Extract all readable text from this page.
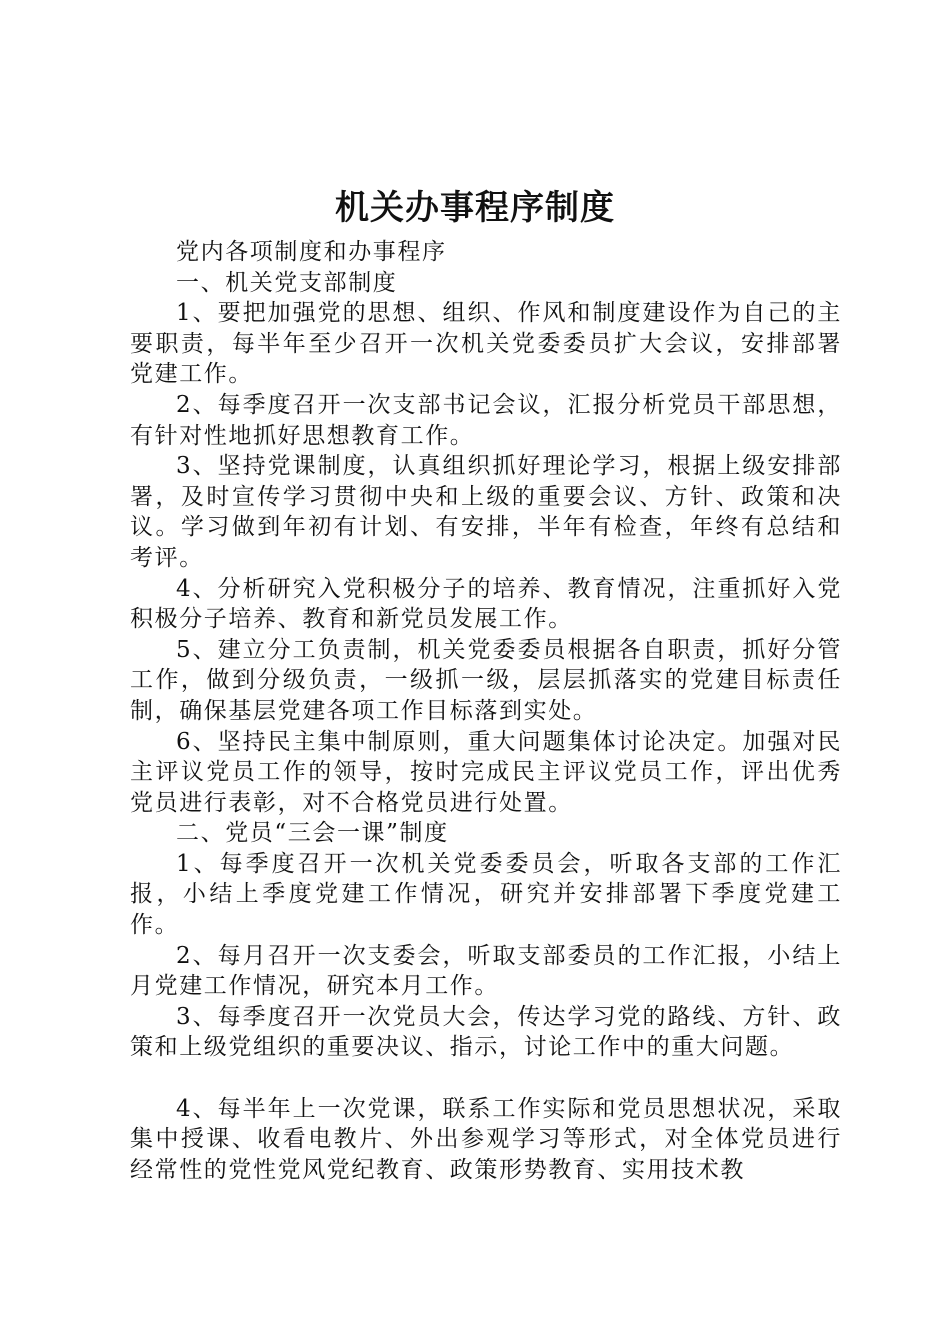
机关办事程序制度

党内各项制度和办事程序

一、机关党支部制度

1、要把加强党的思想、组织、作风和制度建设作为自己的主要职责，每半年至少召开一次机关党委委员扩大会议，安排部署党建工作。

2、每季度召开一次支部书记会议，汇报分析党员干部思想，有针对性地抓好思想教育工作。

3、坚持党课制度，认真组织抓好理论学习，根据上级安排部署，及时宣传学习贯彻中央和上级的重要会议、方针、政策和决议。学习做到年初有计划、有安排，半年有检查，年终有总结和考评。

4、分析研究入党积极分子的培养、教育情况，注重抓好入党积极分子培养、教育和新党员发展工作。

5、建立分工负责制，机关党委委员根据各自职责，抓好分管工作，做到分级负责，一级抓一级，层层抓落实的党建目标责任制，确保基层党建各项工作目标落到实处。

6、坚持民主集中制原则，重大问题集体讨论决定。加强对民主评议党员工作的领导，按时完成民主评议党员工作，评出优秀党员进行表彰，对不合格党员进行处置。

二、党员“三会一课”制度

1、每季度召开一次机关党委委员会，听取各支部的工作汇报，小结上季度党建工作情况，研究并安排部署下季度党建工作。

2、每月召开一次支委会，听取支部委员的工作汇报，小结上月党建工作情况，研究本月工作。

3、每季度召开一次党员大会，传达学习党的路线、方针、政策和上级党组织的重要决议、指示，讨论工作中的重大问题。

4、每半年上一次党课，联系工作实际和党员思想状况，采取集中授课、收看电教片、外出参观学习等形式，对全体党员进行经常性的党性党风党纪教育、政策形势教育、实用技术教
